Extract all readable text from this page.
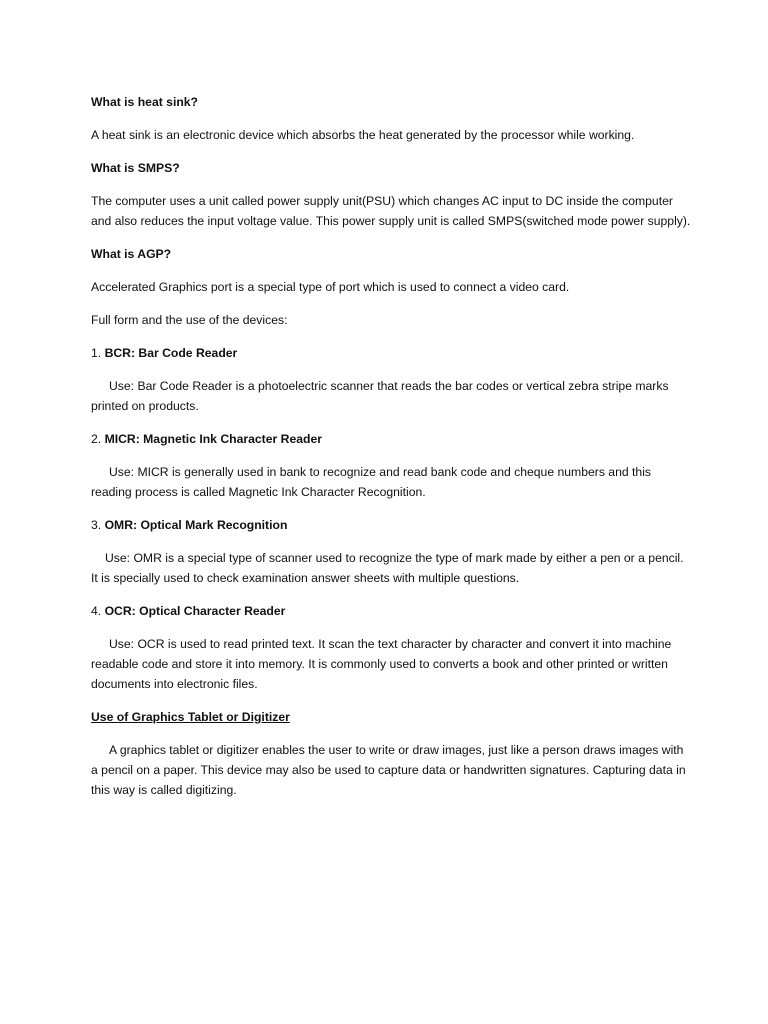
What is heat sink?
A heat sink is an electronic device which absorbs the heat generated by the processor while working.
What is SMPS?
The computer uses a unit called power supply unit(PSU) which changes AC input to DC inside the computer and also reduces the input voltage value. This power supply unit is called SMPS(switched mode power supply).
What is AGP?
Accelerated Graphics port is a special type of port which is used to connect a video card.
Full form and the use of the devices:
1. BCR: Bar Code Reader
Use: Bar Code Reader is a photoelectric scanner that reads the bar codes or vertical zebra stripe marks printed on products.
2. MICR: Magnetic Ink Character Reader
Use: MICR is generally used in bank to recognize and read bank code and cheque numbers and this reading process is called Magnetic Ink Character Recognition.
3. OMR: Optical Mark Recognition
Use: OMR is a special type of scanner used to recognize the type of mark made by either a pen or a pencil. It is specially used to check examination answer sheets with multiple questions.
4. OCR: Optical Character Reader
Use: OCR is used to read printed text. It scan the text character by character and convert it into machine readable code and store it into memory. It is commonly used to converts a book and other printed or written documents into electronic files.
Use of Graphics Tablet or Digitizer
A graphics tablet or digitizer enables the user to write or draw images, just like a person draws images with a pencil on a paper. This device may also be used to capture data or handwritten signatures. Capturing data in this way is called digitizing.
